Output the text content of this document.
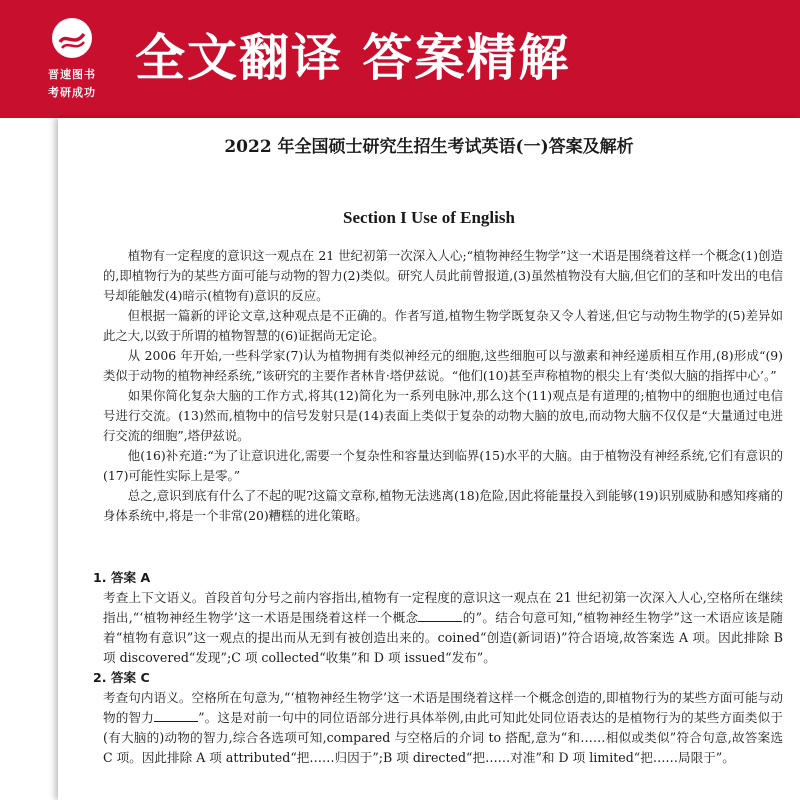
晋速图书
考研成功
全文翻译 答案精解
2022 年全国硕士研究生招生考试英语(一)答案及解析
Section I Use of English

植物有一定程度的意识这一观点在 21 世纪初第一次深入人心;“植物神经生物学”这一术语是围绕着这样一个概念(1)创造的,即植物行为的某些方面可能与动物的智力(2)类似。研究人员此前曾报道,(3)虽然植物没有大脑,但它们的茎和叶发出的电信号却能触发(4)暗示(植物有)意识的反应。

但根据一篇新的评论文章,这种观点是不正确的。作者写道,植物生物学既复杂又令人着迷,但它与动物生物学的(5)差异如此之大,以致于所谓的植物智慧的(6)证据尚无定论。

从 2006 年开始,一些科学家(7)认为植物拥有类似神经元的细胞,这些细胞可以与激素和神经递质相互作用,(8)形成“(9)类似于动物的植物神经系统,”该研究的主要作者林肯·塔伊兹说。“他们(10)甚至声称植物的根尖上有‘类似大脑的指挥中心’。”

如果你简化复杂大脑的工作方式,将其(12)简化为一系列电脉冲,那么这个(11)观点是有道理的;植物中的细胞也通过电信号进行交流。(13)然而,植物中的信号发射只是(14)表面上类似于复杂的动物大脑的放电,而动物大脑不仅仅是“大量通过电进行交流的细胞”,塔伊兹说。

他(16)补充道:“为了让意识进化,需要一个复杂性和容量达到临界(15)水平的大脑。由于植物没有神经系统,它们有意识的(17)可能性实际上是零。”

总之,意识到底有什么了不起的呢?这篇文章称,植物无法逃离(18)危险,因此将能量投入到能够(19)识别威胁和感知疼痛的身体系统中,将是一个非常(20)糟糕的进化策略。

1. 答案 A

考查上下文语义。首段首句分号之前内容指出,植物有一定程度的意识这一观点在 21 世纪初第一次深入人心,空格所在继续指出,“‘植物神经生物学’这一术语是围绕着这样一个概念	的”。结合句意可知,“植物神经生物学”这一术语应该是随着“植物有意识”这一观点的提出而从无到有被创造出来的。coined“创造(新词语)”符合语境,故答案选 A 项。因此排除 B 项 discovered“发现”;C 项 collected“收集”和 D 项 issued“发布”。

2. 答案 C

考查句内语义。空格所在句意为,“‘植物神经生物学’这一术语是围绕着这样一个概念创造的,即植物行为的某些方面可能与动物的智力	”。这是对前一句中的同位语部分进行具体举例,由此可知此处同位语表达的是植物行为的某些方面类似于(有大脑的)动物的智力,综合各选项可知,compared 与空格后的介词 to 搭配,意为“和……相似或类似”符合句意,故答案选 C 项。因此排除 A 项 attributed“把……归因于”;B 项 directed“把……对准”和 D 项 limited“把……局限于”。
